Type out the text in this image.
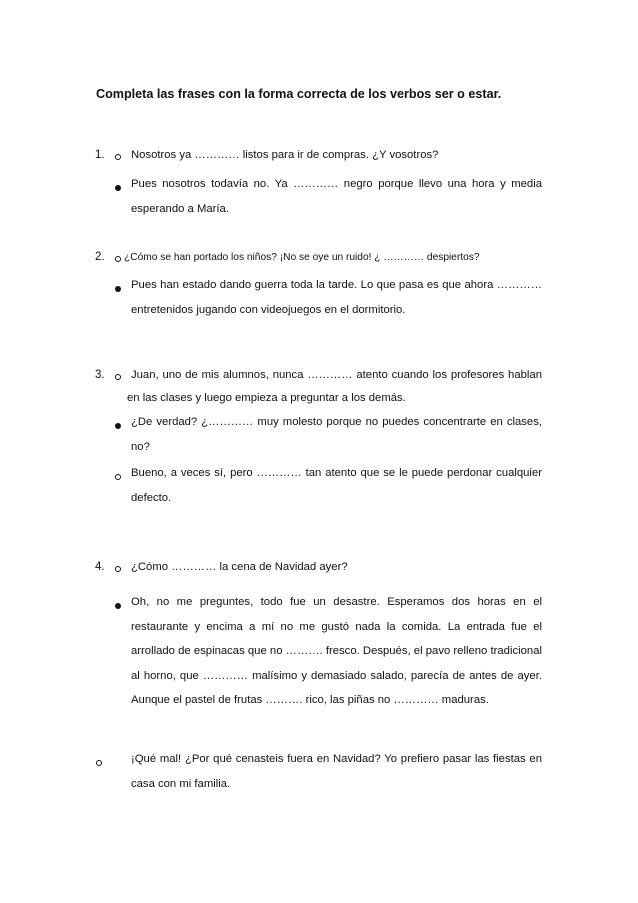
Completa las frases con la forma correcta de los verbos ser o estar.
1. Nosotros ya ………… listos para ir de compras. ¿Y vosotros?
Pues nosotros todavía no. Ya ………… negro porque llevo una hora y media esperando a María.
2. ¿Cómo se han portado los niños? ¡No se oye un ruido! ¿ ………… despiertos?
Pues han estado dando guerra toda la tarde. Lo que pasa es que ahora …………entretenidos jugando con videojuegos en el dormitorio.
3. Juan, uno de mis alumnos, nunca ………… atento cuando los profesores hablan
en las clases y luego empieza a preguntar a los demás.
¿De verdad? ¿………… muy molesto porque no puedes concentrarte en clases, no?
Bueno, a veces sí, pero ………… tan atento que se le puede perdonar cualquier defecto.
4. ¿Cómo ………… la cena de Navidad ayer?
Oh, no me preguntes, todo fue un desastre. Esperamos dos horas en el restaurante y encima a mí no me gustó nada la comida. La entrada fue el arrollado de espinacas que no ………. fresco. Después, el pavo relleno tradicional al horno, que ………… malísimo y demasiado salado, parecía de antes de ayer. Aunque el pastel de frutas ………. rico, las piñas no ………… maduras.
¡Qué mal! ¿Por qué cenasteis fuera en Navidad? Yo prefiero pasar las fiestas en casa con mi familia.
